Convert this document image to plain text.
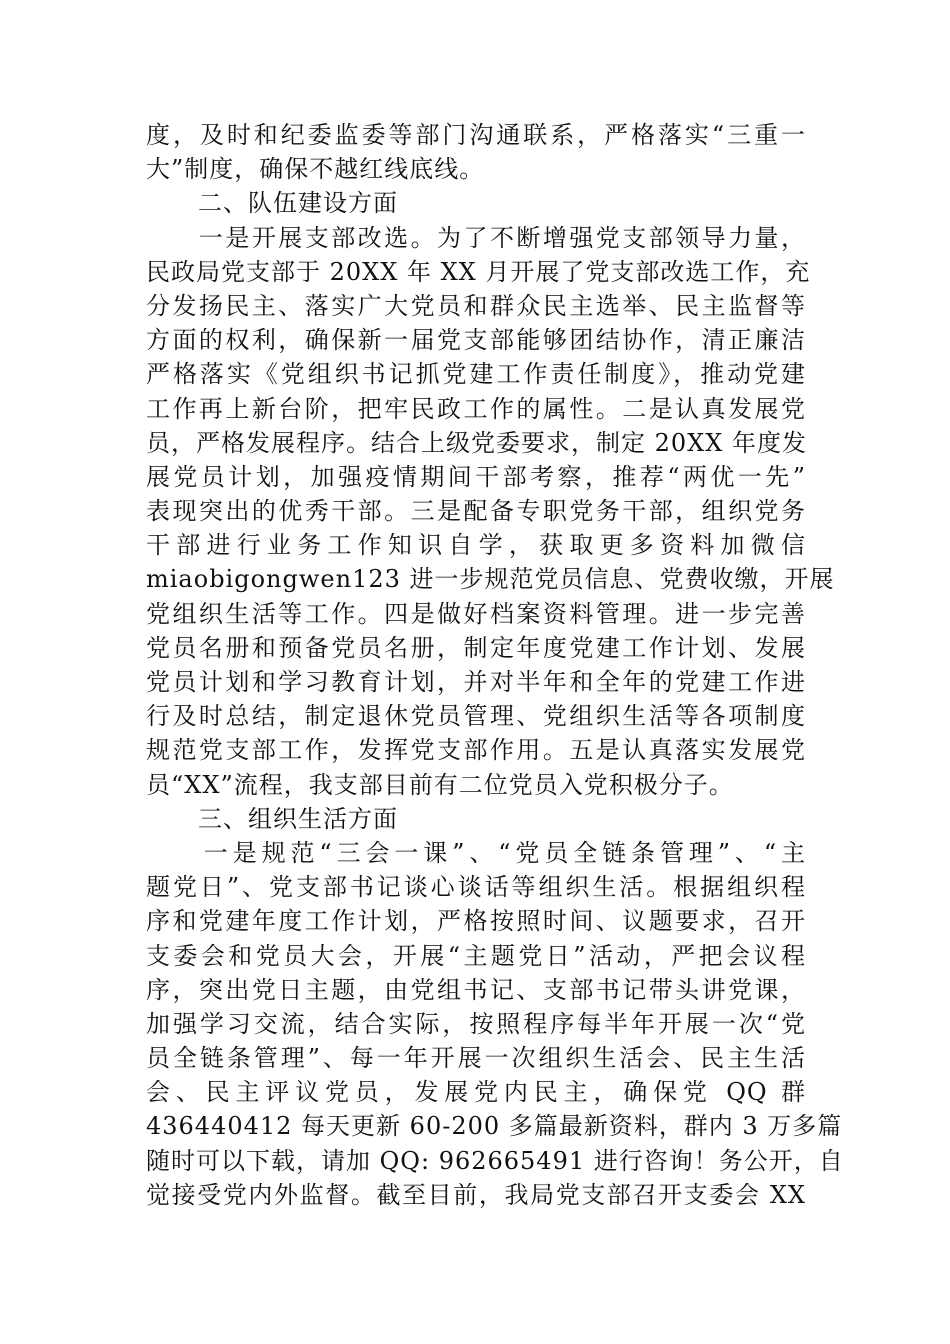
度，及时和纪委监委等部门沟通联系，严格落实“三重一
大”制度，确保不越红线底线。
二、队伍建设方面
　　一是开展支部改选。为了不断增强党支部领导力量，
民政局党支部于 20XX 年 XX 月开展了党支部改选工作，充
分发扬民主、落实广大党员和群众民主选举、民主监督等
方面的权利，确保新一届党支部能够团结协作，清正廉洁
严格落实《党组织书记抓党建工作责任制度》，推动党建
工作再上新台阶，把牢民政工作的属性。二是认真发展党
员，严格发展程序。结合上级党委要求，制定 20XX 年度发
展党员计划，加强疫情期间干部考察，推荐“两优一先”
表现突出的优秀干部。三是配备专职党务干部，组织党务
干部进行业务工作知识自学，获取更多资料加微信
miaobigongwen123 进一步规范党员信息、党费收缴，开展
党组织生活等工作。四是做好档案资料管理。进一步完善
党员名册和预备党员名册，制定年度党建工作计划、发展
党员计划和学习教育计划，并对半年和全年的党建工作进
行及时总结，制定退休党员管理、党组织生活等各项制度
规范党支部工作，发挥党支部作用。五是认真落实发展党
员“XX”流程，我支部目前有二位党员入党积极分子。
三、组织生活方面
　　一是规范“三会一课”、“党员全链条管理”、“主
题党日”、党支部书记谈心谈话等组织生活。根据组织程
序和党建年度工作计划，严格按照时间、议题要求，召开
支委会和党员大会，开展“主题党日”活动，严把会议程
序，突出党日主题，由党组书记、支部书记带头讲党课，
加强学习交流，结合实际，按照程序每半年开展一次“党
员全链条管理”、每一年开展一次组织生活会、民主生活
会、民主评议党员，发展党内民主，确保党 QQ 群
436440412 每天更新 60-200 多篇最新资料，群内 3 万多篇
随时可以下载，请加 QQ: 962665491 进行咨询！务公开，自
觉接受党内外监督。截至目前，我局党支部召开支委会 XX
